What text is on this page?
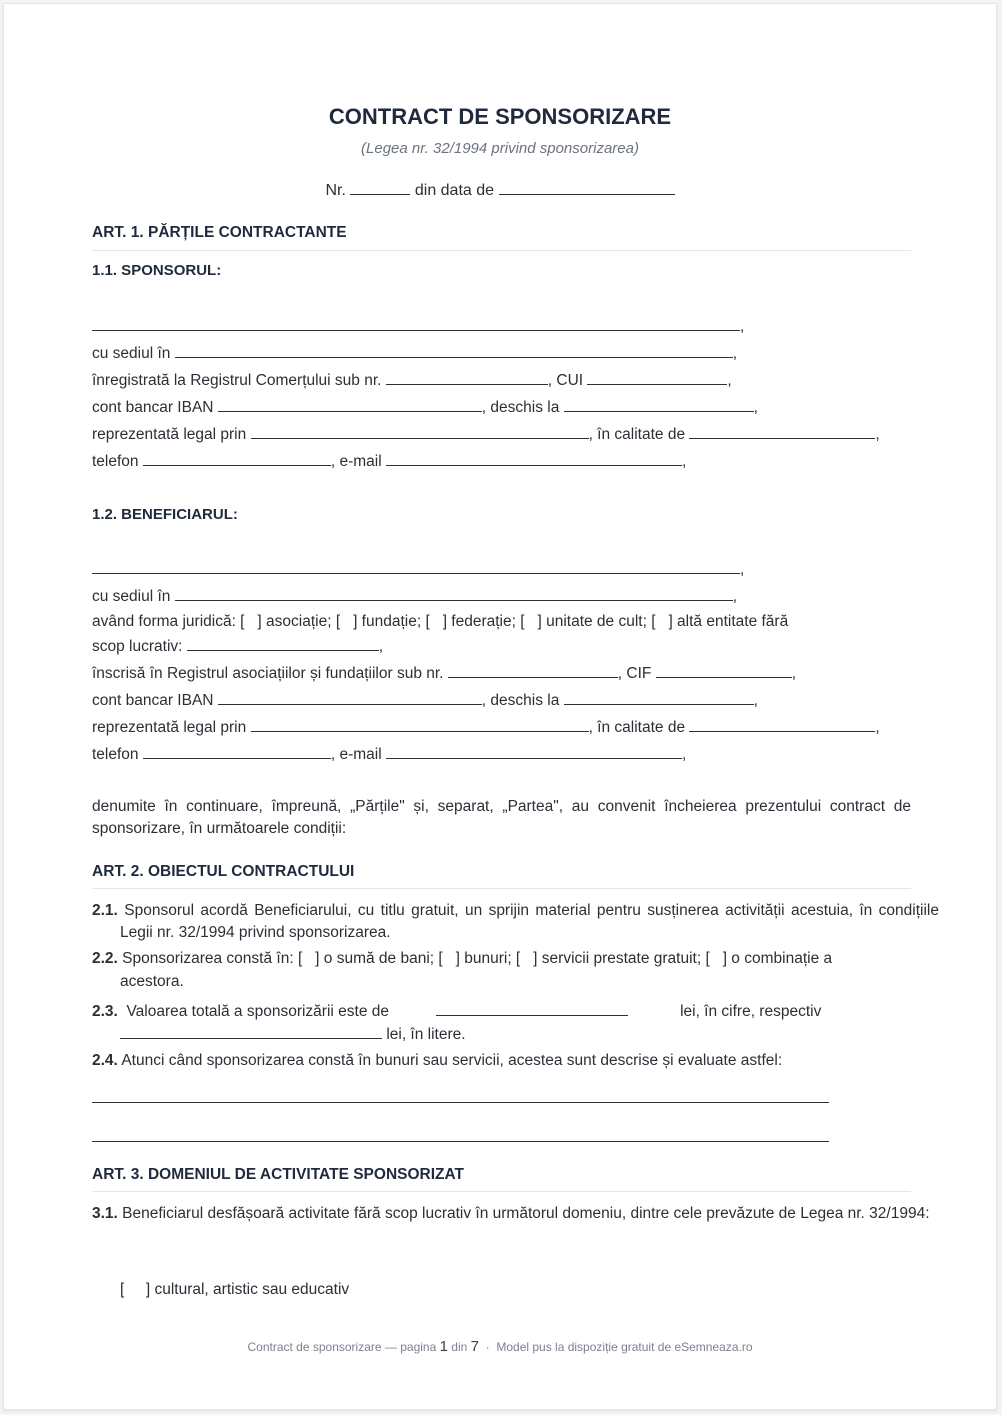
CONTRACT DE SPONSORIZARE
(Legea nr. 32/1994 privind sponsorizarea)
Nr.	din data de
ART. 1. PĂRȚILE CONTRACTANTE
1.1. SPONSORUL:
,
cu sediul în	,
înregistrată la Registrul Comerțului sub nr.	, CUI	,
cont bancar IBAN	, deschis la	,
reprezentată legal prin	, în calitate de	,
telefon	, e-mail	,
1.2. BENEFICIARUL:
,
cu sediul în	,
având forma juridică: [ ] asociație; [ ] fundație; [ ] federație; [ ] unitate de cult; [ ] altă entitate fără
scop lucrativ:	,
înscrisă în Registrul asociațiilor și fundațiilor sub nr.	, CIF	,
cont bancar IBAN	, deschis la	,
reprezentată legal prin	, în calitate de	,
telefon	, e-mail	,
denumite în continuare, împreună, „Părțile" și, separat, „Partea", au convenit încheierea prezentului contract de sponsorizare, în următoarele condiții:
ART. 2. OBIECTUL CONTRACTULUI
2.1. Sponsorul acordă Beneficiarului, cu titlu gratuit, un sprijin material pentru susținerea activității acestuia, în condițiile Legii nr. 32/1994 privind sponsorizarea.
2.2. Sponsorizarea constă în: [ ] o sumă de bani; [ ] bunuri; [ ] servicii prestate gratuit; [ ] o combinație a
acestora.
2.3. Valoarea totală a sponsorizării este de	lei, în cifre, respectiv
lei, în litere.
2.4. Atunci când sponsorizarea constă în bunuri sau servicii, acestea sunt descrise și evaluate astfel:
ART. 3. DOMENIUL DE ACTIVITATE SPONSORIZAT
3.1. Beneficiarul desfășoară activitate fără scop lucrativ în următorul domeniu, dintre cele prevăzute de Legea nr. 32/1994:
[     ] cultural, artistic sau educativ
Contract de sponsorizare — pagina 1 din 7 · Model pus la dispoziție gratuit de eSemneaza.ro
